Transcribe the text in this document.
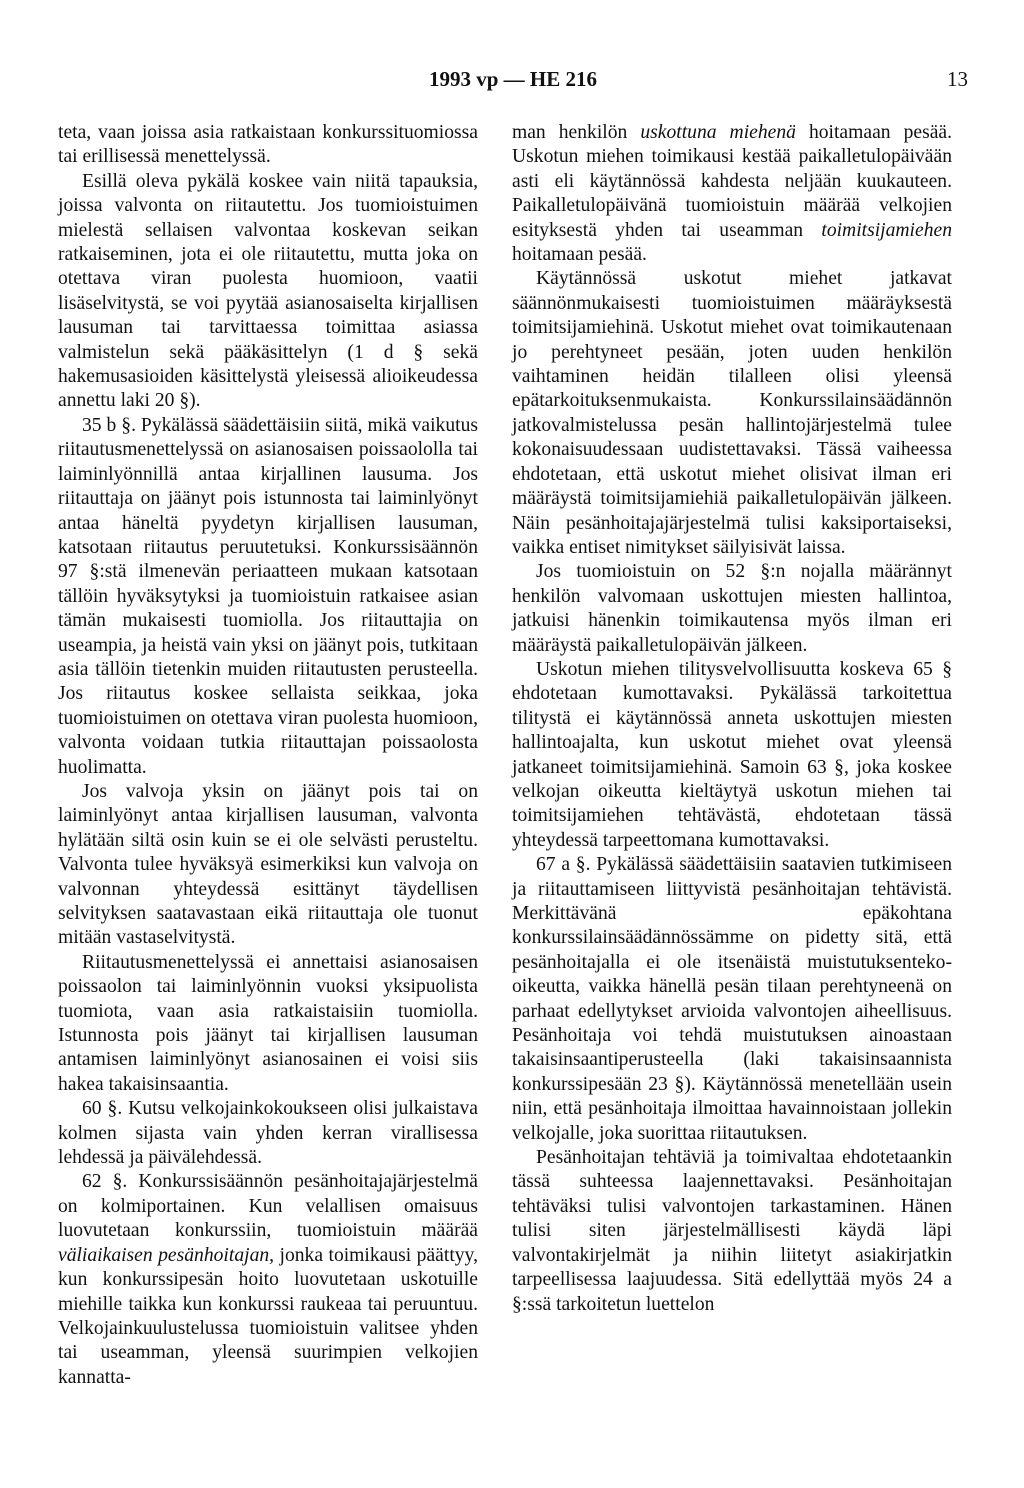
1993 vp — HE 216	13

teta, vaan joissa asia ratkaistaan konkurssituomiossa tai erillisessä menettelyssä.

Esillä oleva pykälä koskee vain niitä tapauksia, joissa valvonta on riitautettu. Jos tuomioistuimen mielestä sellaisen valvontaa koskevan seikan ratkaiseminen, jota ei ole riitautettu, mutta joka on otettava viran puolesta huomioon, vaatii lisäselvitystä, se voi pyytää asianosaiselta kirjallisen lausuman tai tarvittaessa toimittaa asiassa valmistelun sekä pääkäsittelyn (1 d § sekä hakemusasioiden käsittelystä yleisessä alioikeudessa annettu laki 20 §).

35 b §. Pykälässä säädettäisiin siitä, mikä vaikutus riitautusmenettelyssä on asianosaisen poissaololla tai laiminlyönnillä antaa kirjallinen lausuma. Jos riitauttaja on jäänyt pois istunnosta tai laiminlyönyt antaa häneltä pyydetyn kirjallisen lausuman, katsotaan riitautus peruutetuksi. Konkurssisäännön 97 §:stä ilmenevän periaatteen mukaan katsotaan tällöin hyväksytyksi ja tuomioistuin ratkaisee asian tämän mukaisesti tuomiolla. Jos riitauttajia on useampia, ja heistä vain yksi on jäänyt pois, tutkitaan asia tällöin tietenkin muiden riitautusten perusteella. Jos riitautus koskee sellaista seikkaa, joka tuomioistuimen on otettava viran puolesta huomioon, valvonta voidaan tutkia riitauttajan poissaolosta huolimatta.

Jos valvoja yksin on jäänyt pois tai on laiminlyönyt antaa kirjallisen lausuman, valvonta hylätään siltä osin kuin se ei ole selvästi perusteltu. Valvonta tulee hyväksyä esimerkiksi kun valvoja on valvonnan yhteydessä esittänyt täydellisen selvityksen saatavastaan eikä riitauttaja ole tuonut mitään vastaselvitystä.

Riitautusmenettelyssä ei annettaisi asianosaisen poissaolon tai laiminlyönnin vuoksi yksipuolista tuomiota, vaan asia ratkaistaisiin tuomiolla. Istunnosta pois jäänyt tai kirjallisen lausuman antamisen laiminlyönyt asianosainen ei voisi siis hakea takaisinsaantia.

60 §. Kutsu velkojainkokoukseen olisi julkaistava kolmen sijasta vain yhden kerran virallisessa lehdessä ja päivälehdessä.

62 §. Konkurssisäännön pesänhoitajajärjestelmä on kolmiportainen. Kun velallisen omaisuus luovutetaan konkurssiin, tuomioistuin määrää väliaikaisen pesänhoitajan, jonka toimikausi päättyy, kun konkurssipesän hoito luovutetaan uskotuille miehille taikka kun konkurssi raukeaa tai peruuntuu. Velkojainkuulustelussa tuomioistuin valitsee yhden tai useamman, yleensä suurimpien velkojien kannatta-

man henkilön uskottuna miehenä hoitamaan pesää. Uskotun miehen toimikausi kestää paikalletulopäivään asti eli käytännössä kahdesta neljään kuukauteen. Paikalletulopäivänä tuomioistuin määrää velkojien esityksestä yhden tai useamman toimitsijamiehen hoitamaan pesää.

Käytännössä uskotut miehet jatkavat säännönmukaisesti tuomioistuimen määräyksestä toimitsijamiehinä. Uskotut miehet ovat toimikautenaan jo perehtyneet pesään, joten uuden henkilön vaihtaminen heidän tilalleen olisi yleensä epätarkoituksenmukaista. Konkurssilainsäädännön jatkovalmistelussa pesän hallintojärjestelmä tulee kokonaisuudessaan uudistettavaksi. Tässä vaiheessa ehdotetaan, että uskotut miehet olisivat ilman eri määräystä toimitsijamiehiä paikalletulopäivän jälkeen. Näin pesänhoitajajärjestelmä tulisi kaksiportaiseksi, vaikka entiset nimitykset säilyisivät laissa.

Jos tuomioistuin on 52 §:n nojalla määrännyt henkilön valvomaan uskottujen miesten hallintoa, jatkuisi hänenkin toimikautensa myös ilman eri määräystä paikalletulopäivän jälkeen.

Uskotun miehen tilitysvelvollisuutta koskeva 65 § ehdotetaan kumottavaksi. Pykälässä tarkoitettua tilitystä ei käytännössä anneta uskottujen miesten hallintoajalta, kun uskotut miehet ovat yleensä jatkaneet toimitsijamiehinä. Samoin 63 §, joka koskee velkojan oikeutta kieltäytyä uskotun miehen tai toimitsijamiehen tehtävästä, ehdotetaan tässä yhteydessä tarpeettomana kumottavaksi.

67 a §. Pykälässä säädettäisiin saatavien tutkimiseen ja riitauttamiseen liittyvistä pesänhoitajan tehtävistä. Merkittävänä epäkohtana konkurssilainsäädännössämme on pidetty sitä, että pesänhoitajalla ei ole itsenäistä muistutuksenteko-oikeutta, vaikka hänellä pesän tilaan perehtyneenä on parhaat edellytykset arvioida valvontojen aiheellisuus. Pesänhoitaja voi tehdä muistutuksen ainoastaan takaisinsaantiperusteella (laki takaisinsaannista konkurssipesään 23 §). Käytännössä menetellään usein niin, että pesänhoitaja ilmoittaa havainnoistaan jollekin velkojalle, joka suorittaa riitautuksen.

Pesänhoitajan tehtäviä ja toimivaltaa ehdotetaankin tässä suhteessa laajennettavaksi. Pesänhoitajan tehtäväksi tulisi valvontojen tarkastaminen. Hänen tulisi siten järjestelmällisesti käydä läpi valvontakirjelmät ja niihin liitetyt asiakirjatkin tarpeellisessa laajuudessa. Sitä edellyttää myös 24 a §:ssä tarkoitetun luettelon
